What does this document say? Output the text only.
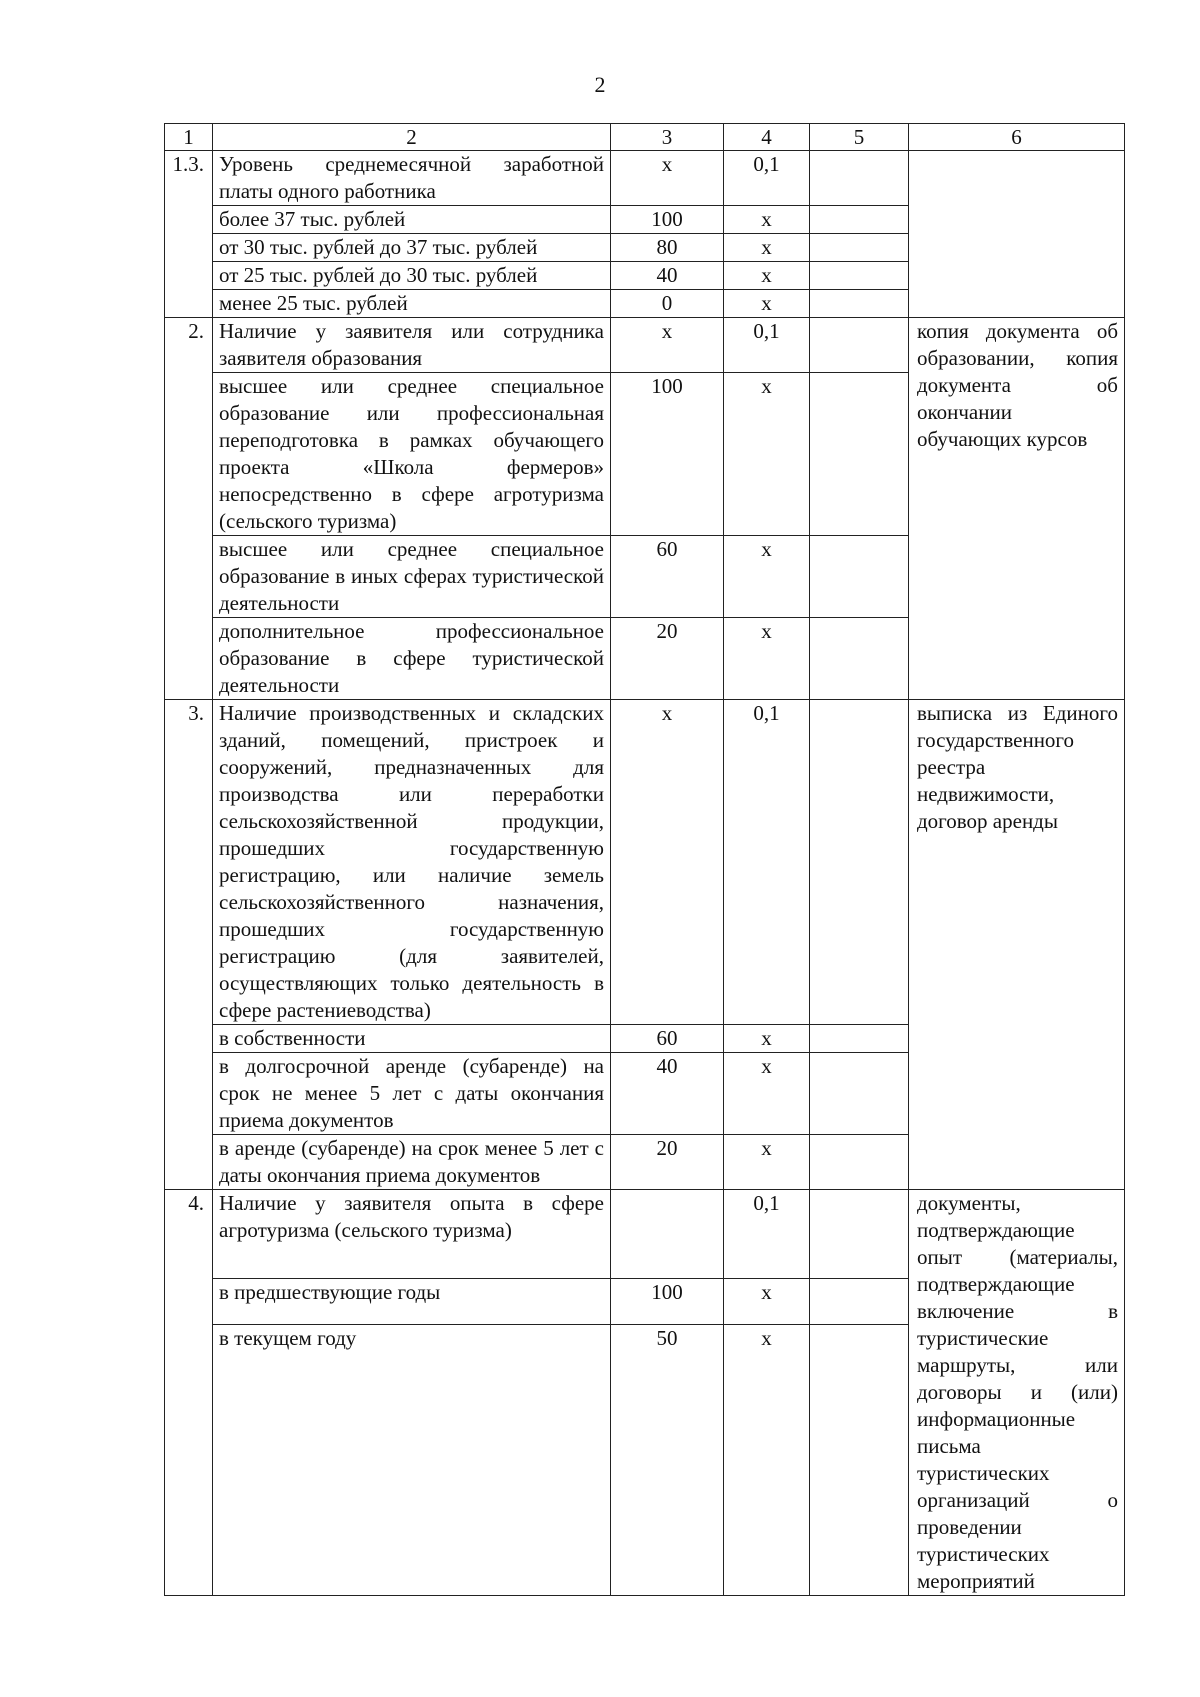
2
1	2	3	4	5	6
1.3.	Уровень среднемесячной заработной платы одного работника	х	0,1		
	более 37 тыс. рублей	100	х		
	от 30 тыс. рублей до 37 тыс. рублей	80	х		
	от 25 тыс. рублей до 30 тыс. рублей	40	х		
	менее 25 тыс. рублей	0	х		
2.	Наличие у заявителя или сотрудника заявителя образования	х	0,1		копия документа об образовании, копия документа об окончании обучающих курсов
	высшее или среднее специальное образование или профессиональная переподготовка в рамках обучающего проекта «Школа фермеров» непосредственно в сфере агротуризма (сельского туризма)	100	х		
	высшее или среднее специальное образование в иных сферах туристической деятельности	60	х		
	дополнительное профессиональное образование в сфере туристической деятельности	20	х		
3.	Наличие производственных и складских зданий, помещений, пристроек и сооружений, предназначенных для производства или переработки сельскохозяйственной продукции, прошедших государственную регистрацию, или наличие земель сельскохозяйственного назначения, прошедших государственную регистрацию (для заявителей, осуществляющих только деятельность в сфере растениеводства)	х	0,1		выписка из Единого государственного реестра недвижимости, договор аренды
	в собственности	60	х		
	в долгосрочной аренде (субаренде) на срок не менее 5 лет с даты окончания приема документов	40	х		
	в аренде (субаренде) на срок менее 5 лет с даты окончания приема документов	20	х		
4.	Наличие у заявителя опыта в сфере агротуризма (сельского туризма)		0,1		документы, подтверждающие опыт (материалы, подтверждающие включение в туристические маршруты, или договоры и (или) информационные письма туристических организаций о проведении туристических мероприятий
	в предшествующие годы	100	х		
	в текущем году	50	х		
